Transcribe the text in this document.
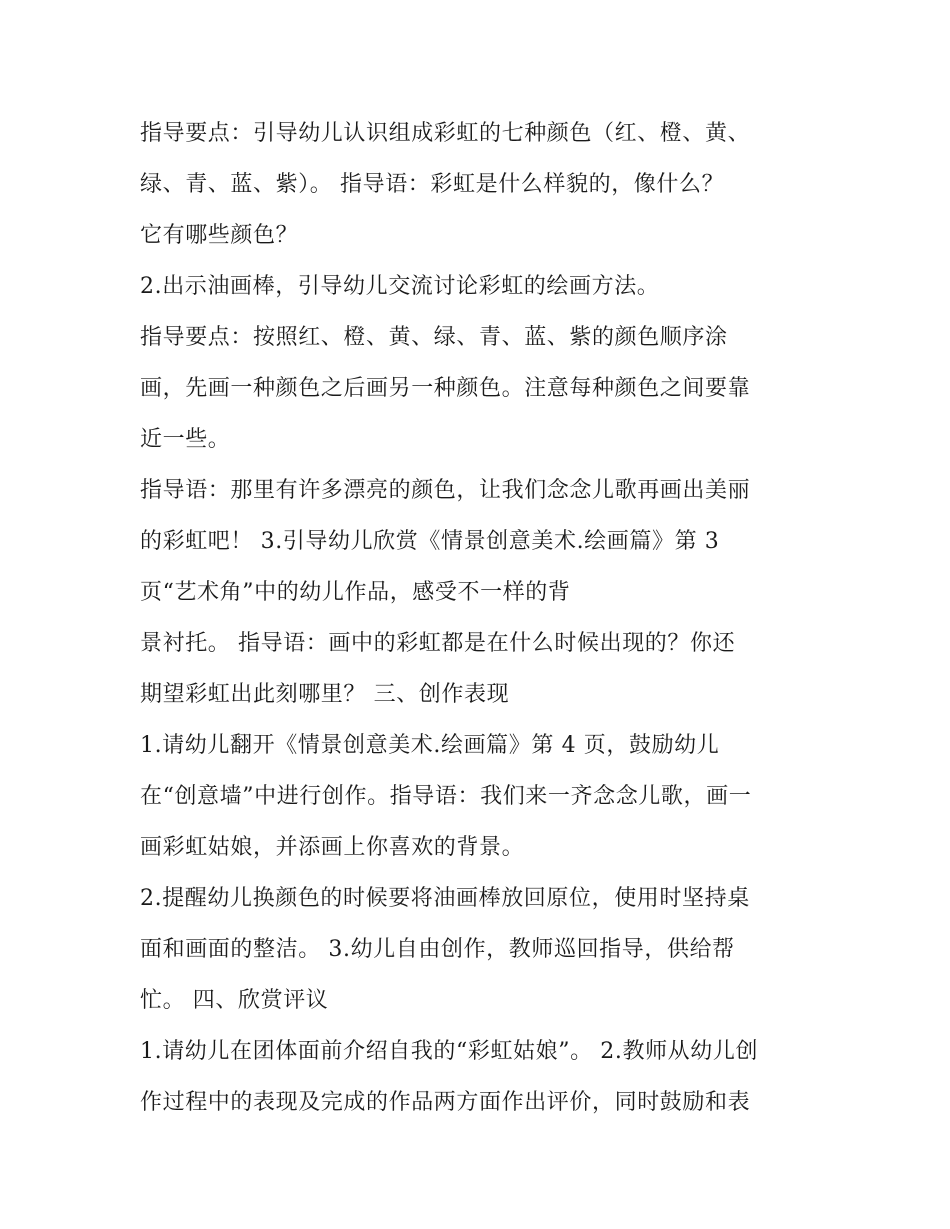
指导要点：引导幼儿认识组成彩虹的七种颜色（红、橙、黄、
绿、青、蓝、紫）。 指导语：彩虹是什么样貌的，像什么？
它有哪些颜色？
2.出示油画棒，引导幼儿交流讨论彩虹的绘画方法。
指导要点：按照红、橙、黄、绿、青、蓝、紫的颜色顺序涂
画，先画一种颜色之后画另一种颜色。注意每种颜色之间要靠
近一些。
指导语：那里有许多漂亮的颜色，让我们念念儿歌再画出美丽
的彩虹吧！ 3.引导幼儿欣赏《情景创意美术.绘画篇》第 3
页“艺术角”中的幼儿作品，感受不一样的背
景衬托。 指导语：画中的彩虹都是在什么时候出现的？你还
期望彩虹出此刻哪里？ 三、创作表现
1.请幼儿翻开《情景创意美术.绘画篇》第 4 页，鼓励幼儿
在“创意墙”中进行创作。指导语：我们来一齐念念儿歌，画一
画彩虹姑娘，并添画上你喜欢的背景。
2.提醒幼儿换颜色的时候要将油画棒放回原位，使用时坚持桌
面和画面的整洁。 3.幼儿自由创作，教师巡回指导，供给帮
忙。 四、欣赏评议
1.请幼儿在团体面前介绍自我的“彩虹姑娘”。 2.教师从幼儿创
作过程中的表现及完成的作品两方面作出评价，同时鼓励和表
